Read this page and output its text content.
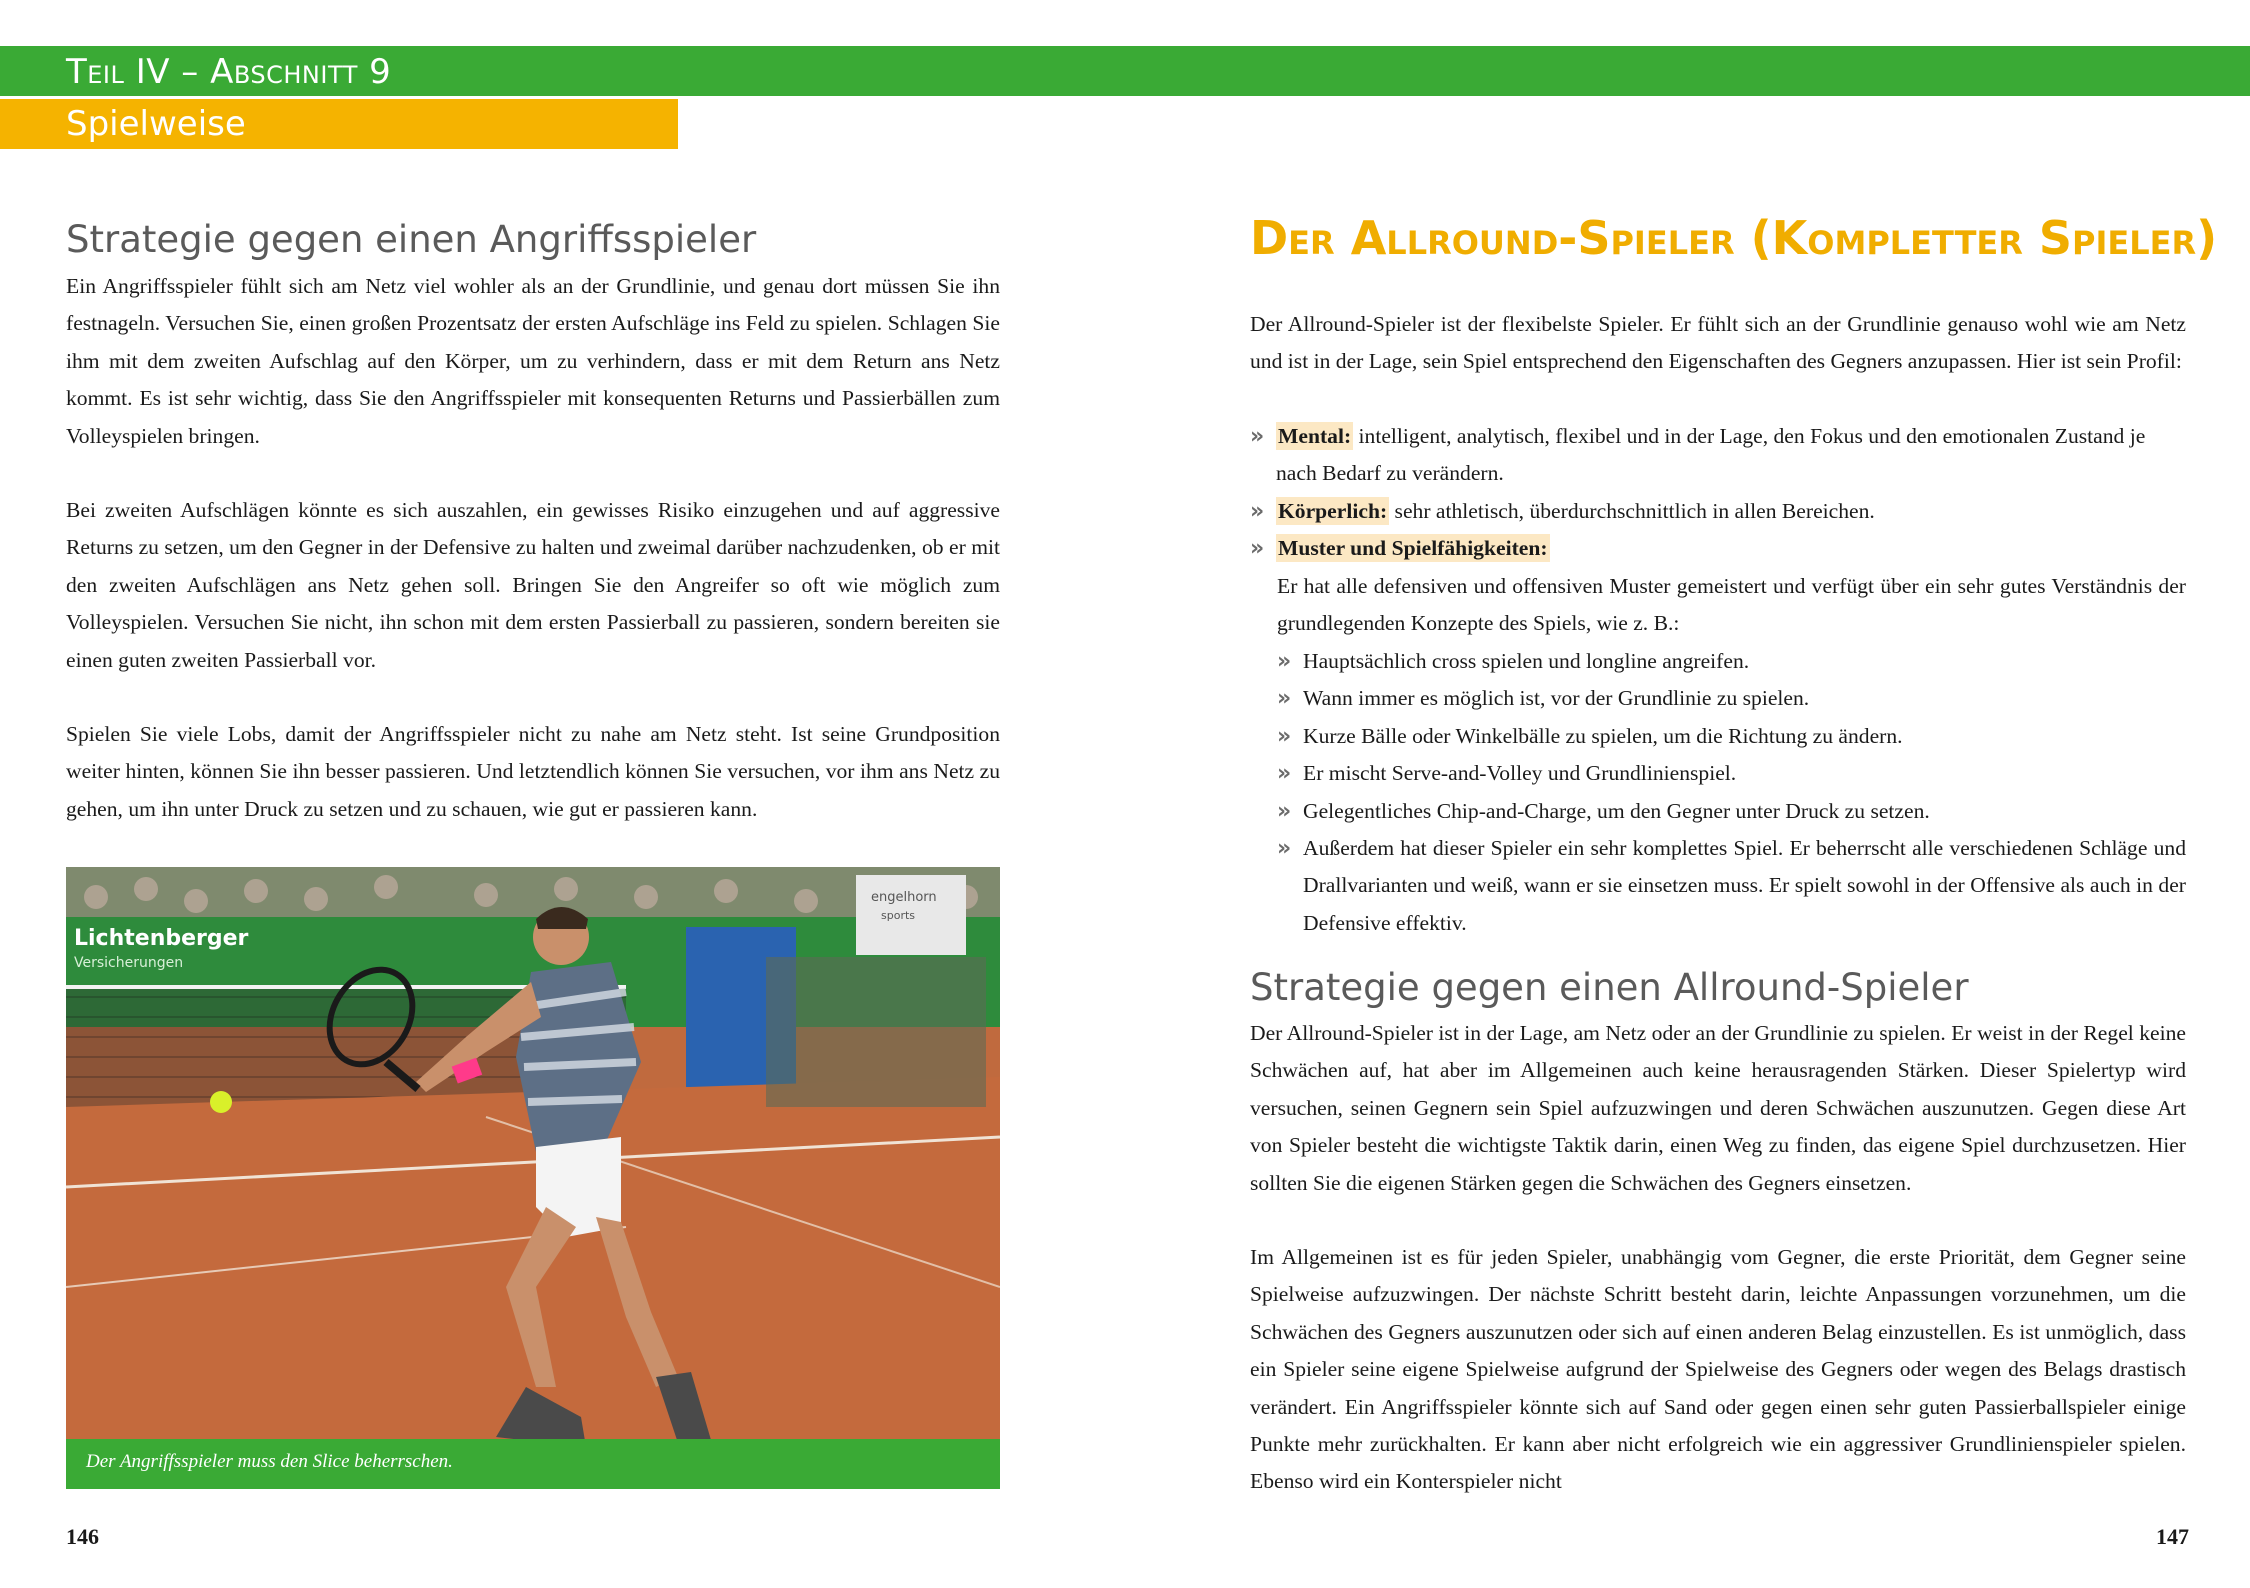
Teil IV – Abschnitt 9
Spielweise
Strategie gegen einen Angriffsspieler

Ein Angriffsspieler fühlt sich am Netz viel wohler als an der Grundlinie, und genau dort müssen Sie ihn festnageln. Versuchen Sie, einen großen Prozentsatz der ersten Aufschläge ins Feld zu spielen. Schlagen Sie ihm mit dem zweiten Aufschlag auf den Körper, um zu verhindern, dass er mit dem Return ans Netz kommt. Es ist sehr wichtig, dass Sie den Angriffsspieler mit konsequenten Returns und Passierbällen zum Volleyspielen bringen.

Bei zweiten Aufschlägen könnte es sich auszahlen, ein gewisses Risiko einzugehen und auf aggressive Returns zu setzen, um den Gegner in der Defensive zu halten und zweimal darüber nachzudenken, ob er mit den zweiten Aufschlägen ans Netz gehen soll. Bringen Sie den Angreifer so oft wie möglich zum Volleyspielen. Versuchen Sie nicht, ihn schon mit dem ersten Passierball zu passieren, sondern bereiten sie einen guten zweiten Passierball vor.

Spielen Sie viele Lobs, damit der Angriffsspieler nicht zu nahe am Netz steht. Ist seine Grundposition weiter hinten, können Sie ihn besser passieren. Und letztendlich können Sie versuchen, vor ihm ans Netz zu gehen, um ihn unter Druck zu setzen und zu schauen, wie gut er passieren kann.

Lichtenberger
Versicherungen
engelhorn
sports
Der Angriffsspieler muss den Slice beherrschen.
146
Der Allround-Spieler (Kompletter Spieler)

Der Allround-Spieler ist der flexibelste Spieler. Er fühlt sich an der Grundlinie genauso wohl wie am Netz und ist in der Lage, sein Spiel entsprechend den Eigenschaften des Gegners anzupassen. Hier ist sein Profil:

» Mental: intelligent, analytisch, flexibel und in der Lage, den Fokus und den emotionalen Zustand je nach Bedarf zu verändern.
» Körperlich: sehr athletisch, überdurchschnittlich in allen Bereichen.
» Muster und Spielfähigkeiten:

Er hat alle defensiven und offensiven Muster gemeistert und verfügt über ein sehr gutes Verständnis der grundlegenden Konzepte des Spiels, wie z. B.:

» Hauptsächlich cross spielen und longline angreifen.
» Wann immer es möglich ist, vor der Grundlinie zu spielen.
» Kurze Bälle oder Winkelbälle zu spielen, um die Richtung zu ändern.
» Er mischt Serve-and-Volley und Grundlinienspiel.
» Gelegentliches Chip-and-Charge, um den Gegner unter Druck zu setzen.
» Außerdem hat dieser Spieler ein sehr komplettes Spiel. Er beherrscht alle verschiedenen Schläge und Drallvarianten und weiß, wann er sie einsetzen muss. Er spielt sowohl in der Offensive als auch in der Defensive effektiv.
Strategie gegen einen Allround-Spieler

Der Allround-Spieler ist in der Lage, am Netz oder an der Grundlinie zu spielen. Er weist in der Regel keine Schwächen auf, hat aber im Allgemeinen auch keine herausragenden Stärken. Dieser Spielertyp wird versuchen, seinen Gegnern sein Spiel aufzuzwingen und deren Schwächen auszunutzen. Gegen diese Art von Spieler besteht die wichtigste Taktik darin, einen Weg zu finden, das eigene Spiel durchzusetzen. Hier sollten Sie die eigenen Stärken gegen die Schwächen des Gegners einsetzen.

Im Allgemeinen ist es für jeden Spieler, unabhängig vom Gegner, die erste Priorität, dem Gegner seine Spielweise aufzuzwingen. Der nächste Schritt besteht darin, leichte Anpassungen vorzunehmen, um die Schwächen des Gegners auszunutzen oder sich auf einen anderen Belag einzustellen. Es ist unmöglich, dass ein Spieler seine eigene Spielweise aufgrund der Spielweise des Gegners oder wegen des Belags drastisch verändert. Ein Angriffsspieler könnte sich auf Sand oder gegen einen sehr guten Passierballspieler einige Punkte mehr zurückhalten. Er kann aber nicht erfolgreich wie ein aggressiver Grundlinienspieler spielen. Ebenso wird ein Konterspieler nicht

147
